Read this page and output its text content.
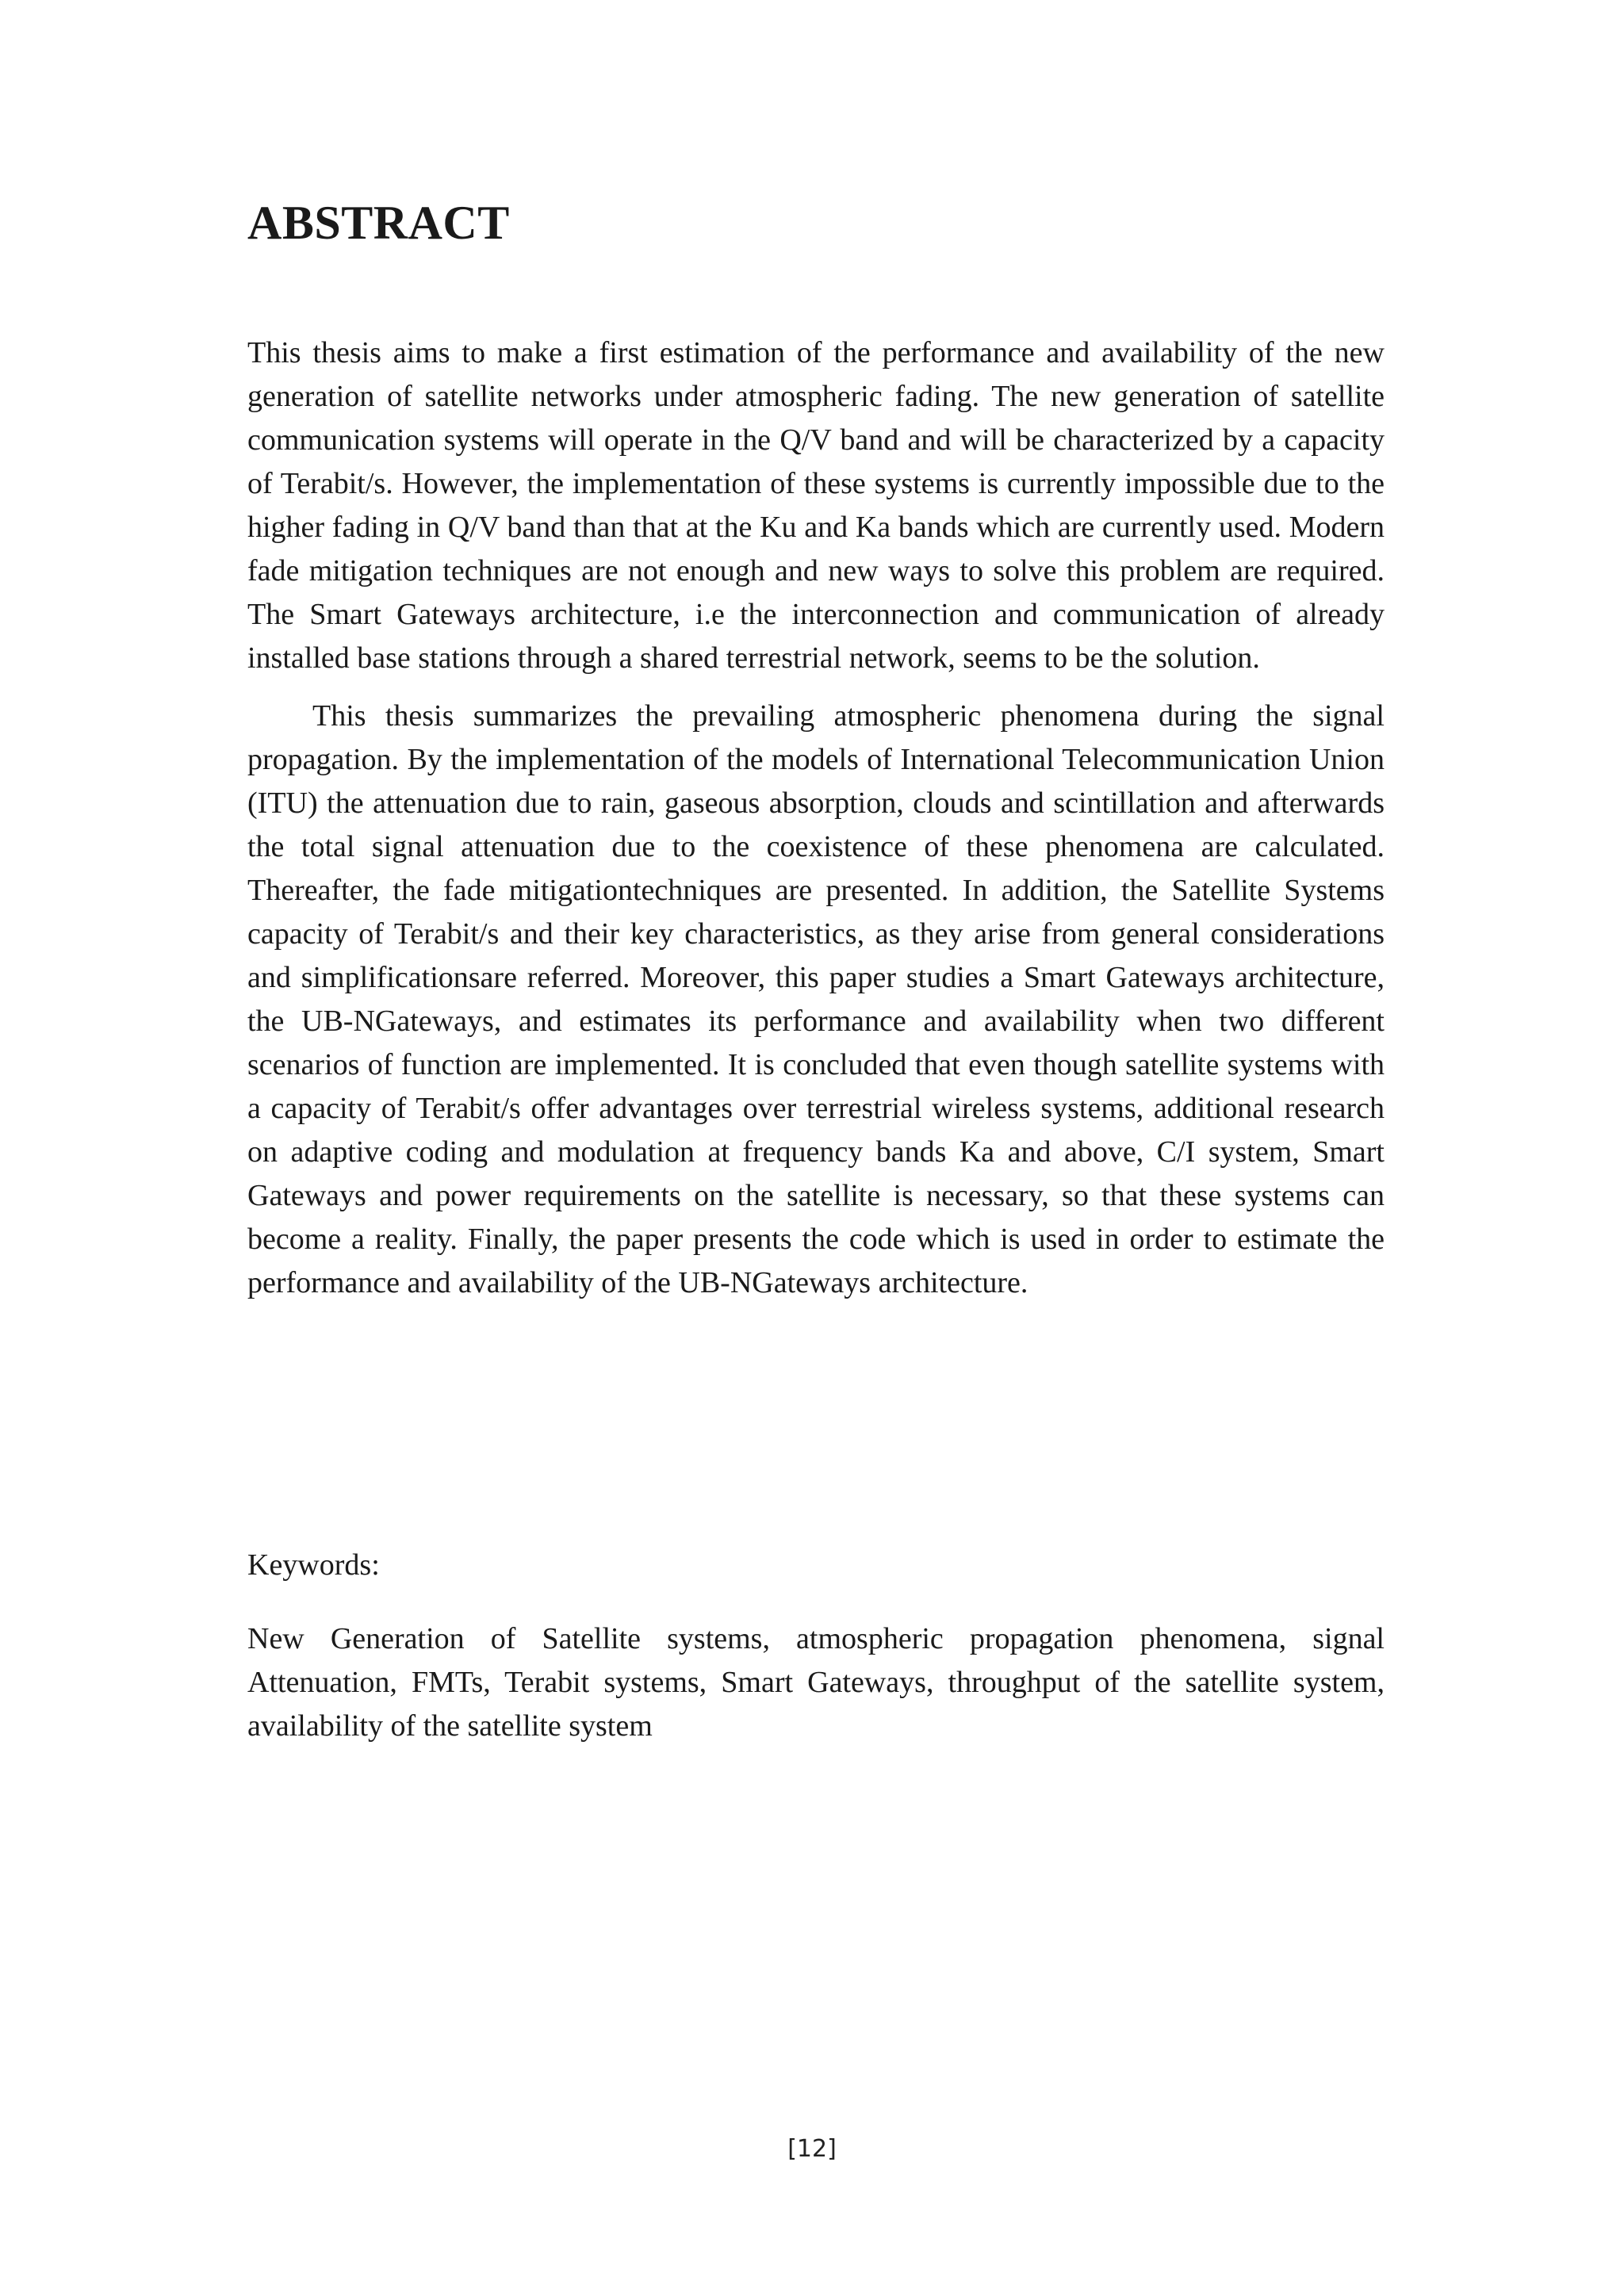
ABSTRACT

This thesis aims to make a first estimation of the performance and availability of the new generation of satellite networks under atmospheric fading. The new generation of satellite communication systems will operate in the Q/V band and will be characterized by a capacity of Terabit/s. However, the implementation of these systems is currently impossible due to the higher fading in Q/V band than that at the Ku and Ka bands which are currently used. Modern fade mitigation techniques are not enough and new ways to solve this problem are required. The Smart Gateways architecture, i.e the interconnection and communication of already installed base stations through a shared terrestrial network, seems to be the solution.

This thesis summarizes the prevailing atmospheric phenomena during the signal propagation. By the implementation of the models of International Telecommunication Union (ITU) the attenuation due to rain, gaseous absorption, clouds and scintillation and afterwards the total signal attenuation due to the coexistence of these phenomena are calculated. Thereafter, the fade mitigationtechniques are presented. In addition, the Satellite Systems capacity of Terabit/s and their key characteristics, as they arise from general considerations and simplificationsare referred. Moreover, this paper studies a Smart Gateways architecture, the UB-NGateways, and estimates its performance and availability when two different scenarios of function are implemented. It is concluded that even though satellite systems with a capacity of Terabit/s offer advantages over terrestrial wireless systems, additional research on adaptive coding and modulation at frequency bands Ka and above, C/I system, Smart Gateways and power requirements on the satellite is necessary, so that these systems can become a reality. Finally, the paper presents the code which is used in order to estimate the performance and availability of the UB-NGateways architecture.

Keywords:

New Generation of Satellite systems, atmospheric propagation phenomena, signal Attenuation, FMTs, Terabit systems, Smart Gateways, throughput of the satellite system, availability of the satellite system

[12]
